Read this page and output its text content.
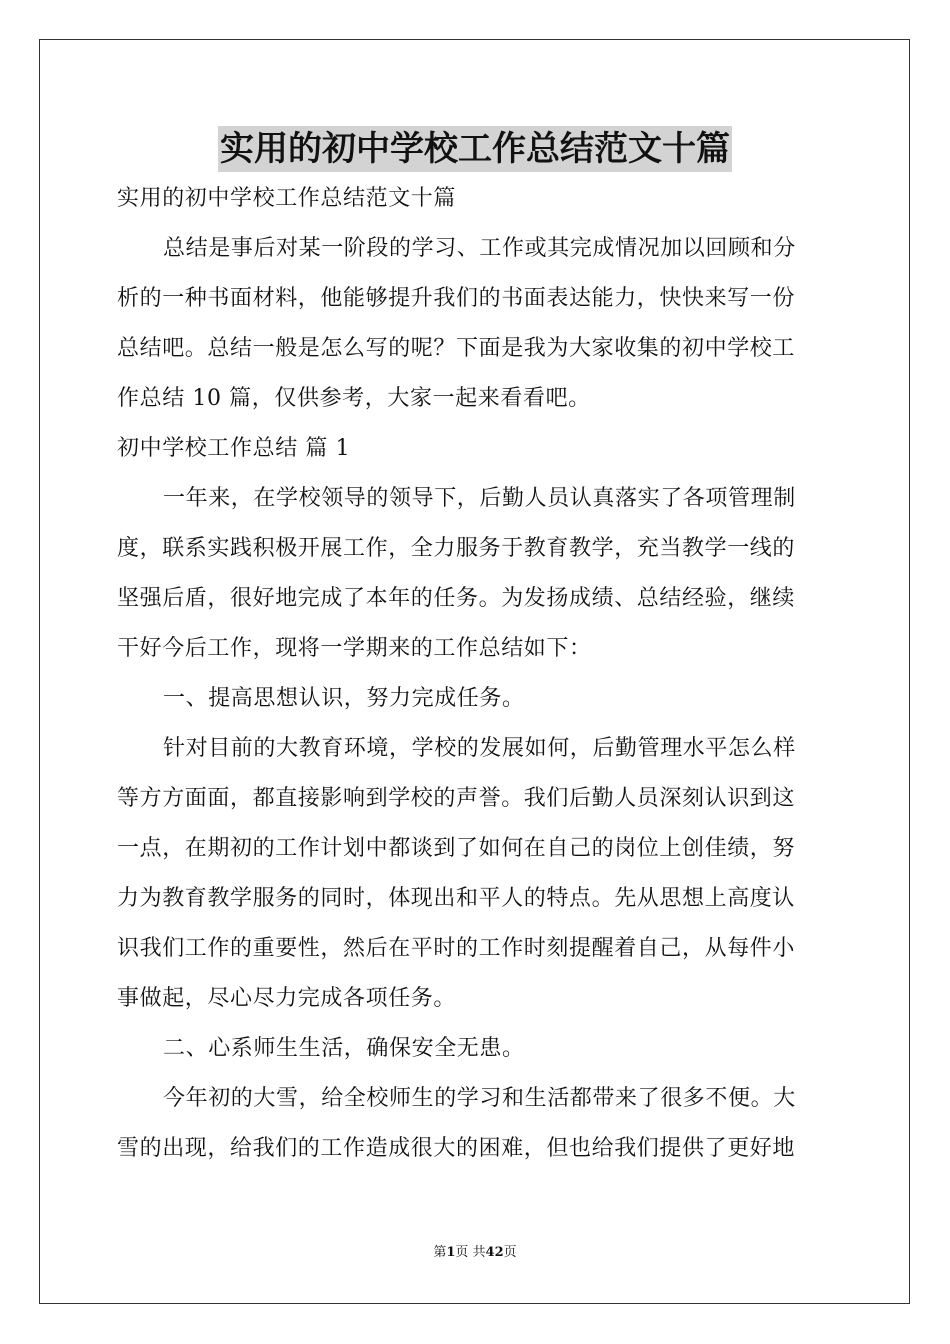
实用的初中学校工作总结范文十篇
实用的初中学校工作总结范文十篇
总结是事后对某一阶段的学习、工作或其完成情况加以回顾和分
析的一种书面材料，他能够提升我们的书面表达能力，快快来写一份
总结吧。总结一般是怎么写的呢？下面是我为大家收集的初中学校工
作总结 10 篇，仅供参考，大家一起来看看吧。
初中学校工作总结 篇 1
一年来，在学校领导的领导下，后勤人员认真落实了各项管理制
度，联系实践积极开展工作，全力服务于教育教学，充当教学一线的
坚强后盾，很好地完成了本年的任务。为发扬成绩、总结经验，继续
干好今后工作，现将一学期来的工作总结如下：
一、提高思想认识，努力完成任务。
针对目前的大教育环境，学校的发展如何，后勤管理水平怎么样
等方方面面，都直接影响到学校的声誉。我们后勤人员深刻认识到这
一点，在期初的工作计划中都谈到了如何在自己的岗位上创佳绩，努
力为教育教学服务的同时，体现出和平人的特点。先从思想上高度认
识我们工作的重要性，然后在平时的工作时刻提醒着自己，从每件小
事做起，尽心尽力完成各项任务。
二、心系师生生活，确保安全无患。
今年初的大雪，给全校师生的学习和生活都带来了很多不便。大
雪的出现，给我们的工作造成很大的困难，但也给我们提供了更好地
第1页 共42页
